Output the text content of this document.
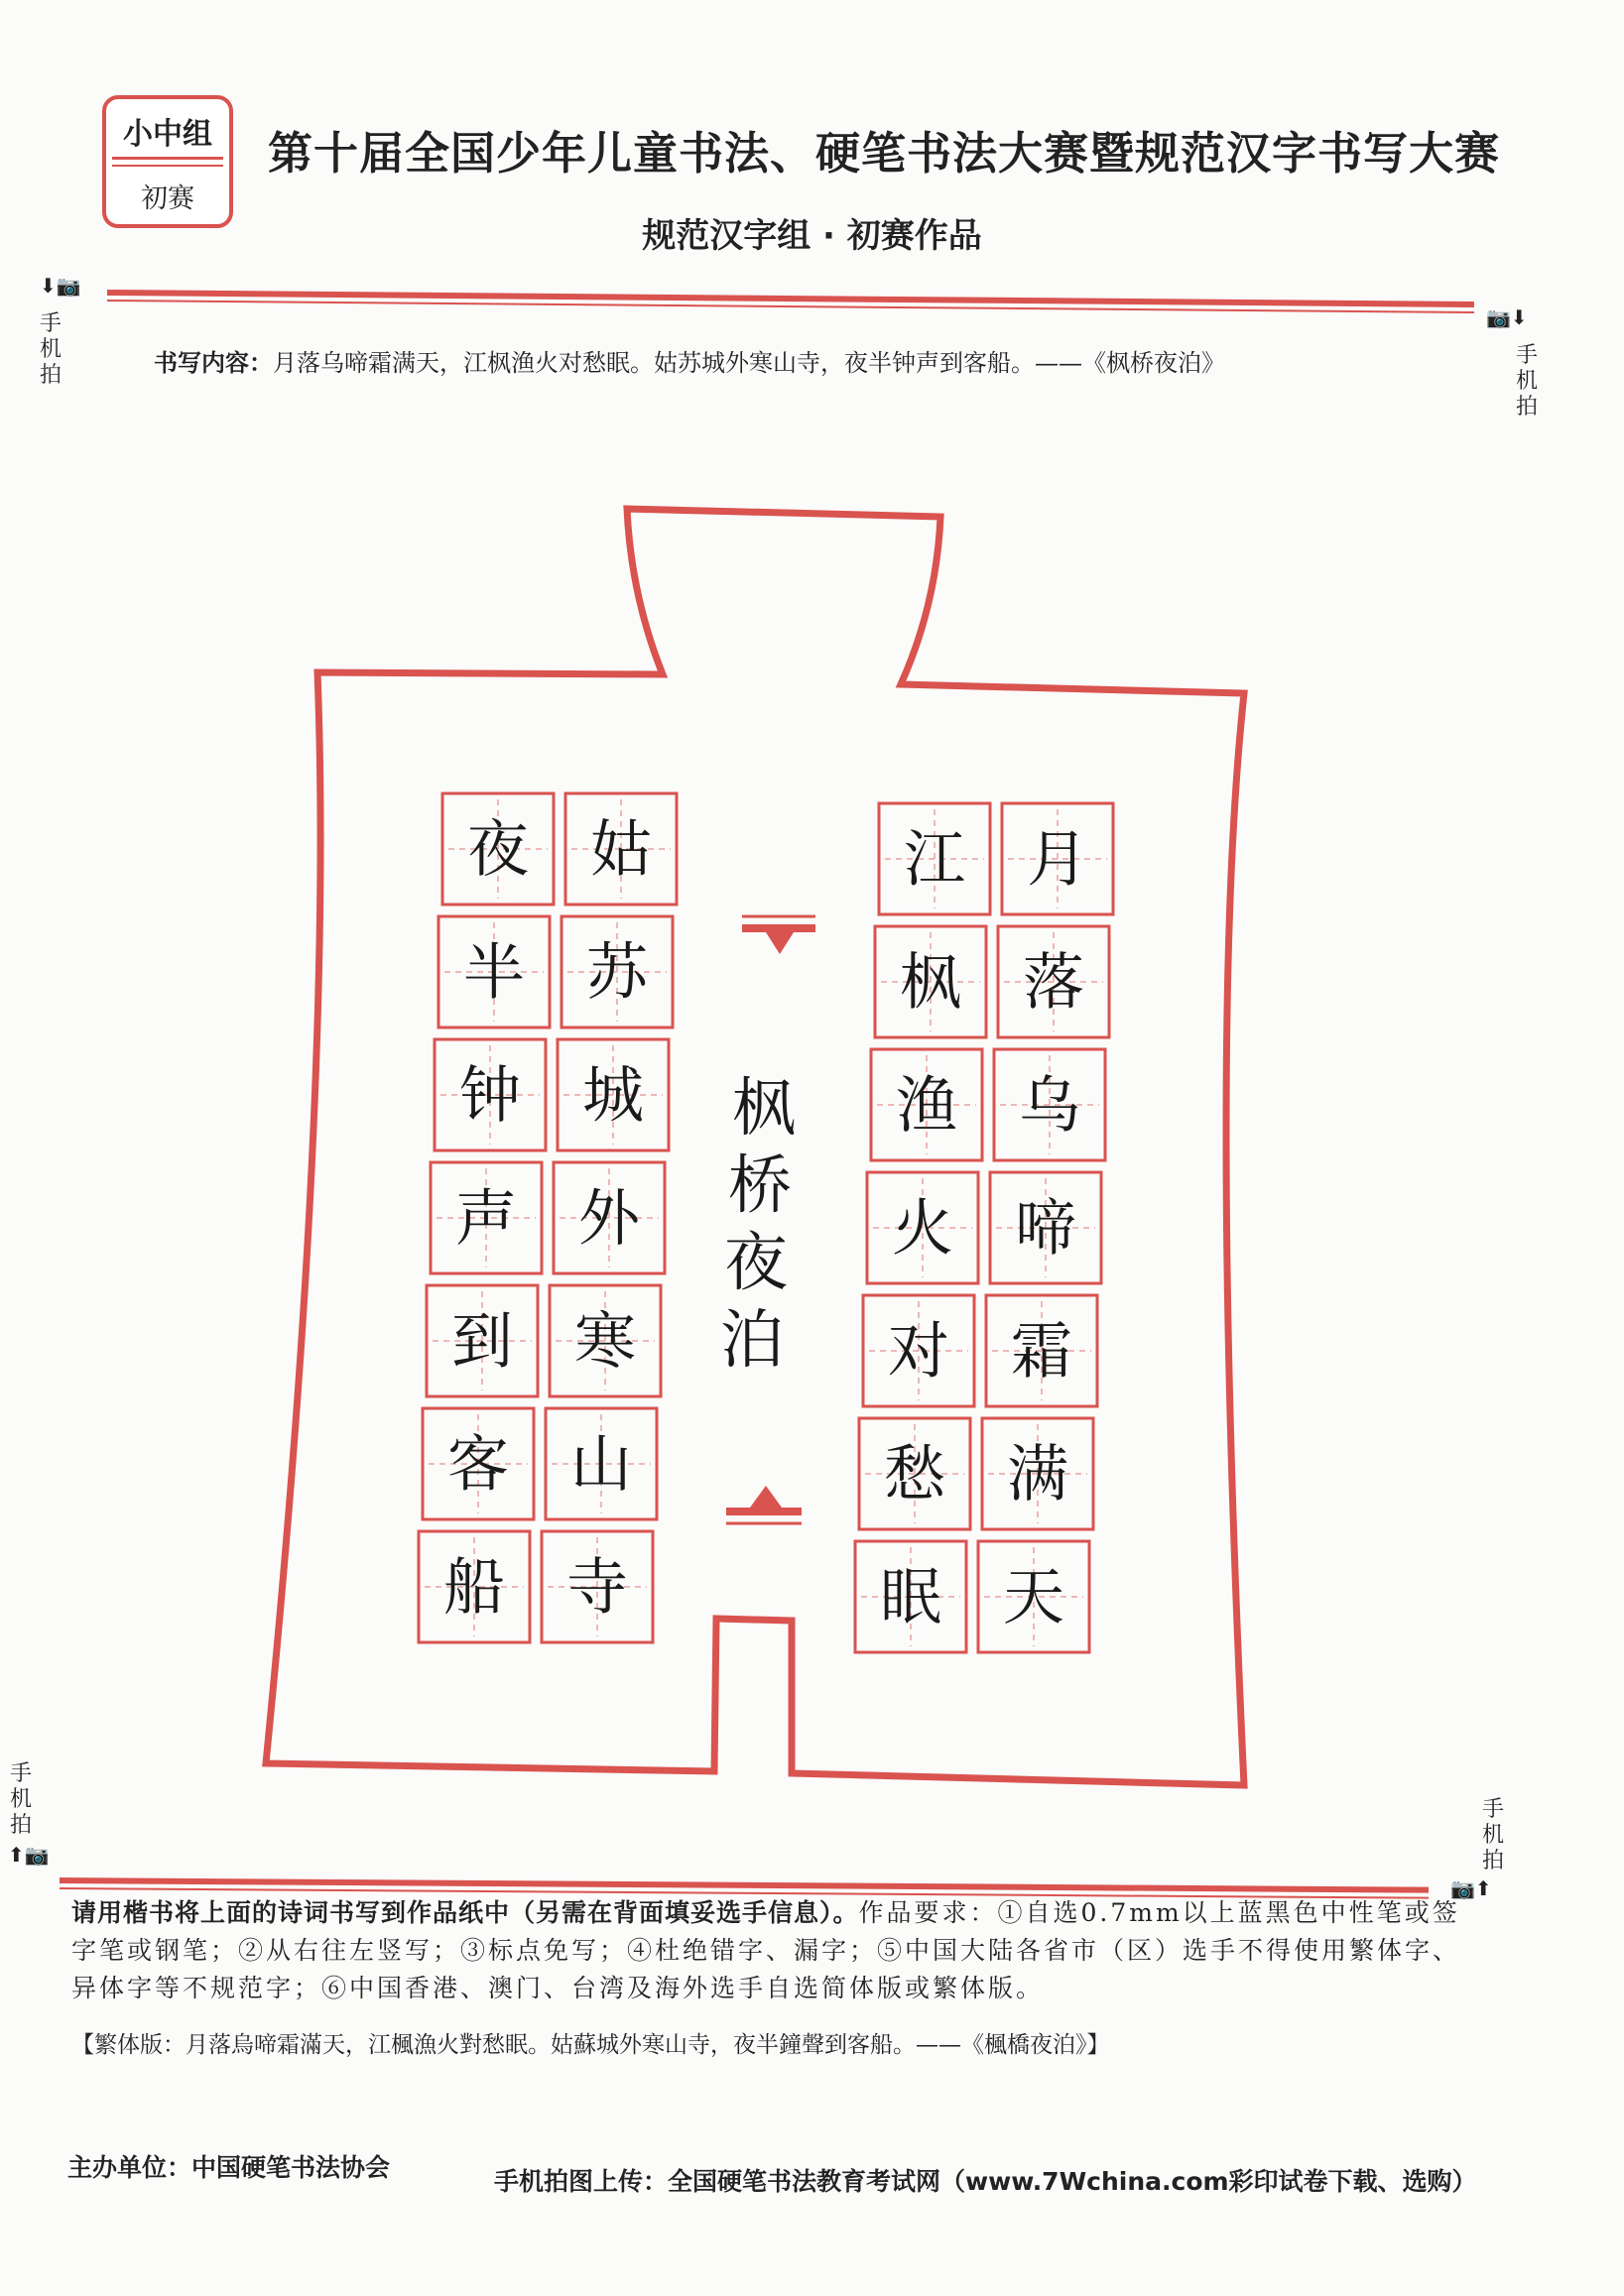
小中组
初赛
第十届全国少年儿童书法、硬笔书法大赛暨规范汉字书写大赛
规范汉字组 · 初赛作品
⬇📷
手机拍
📷⬇
手机拍
书写内容：月落乌啼霜满天，江枫渔火对愁眠。姑苏城外寒山寺，夜半钟声到客船。——《枫桥夜泊》
月
落
乌
啼
霜
满
天
江
枫
渔
火
对
愁
眠
姑
苏
城
外
寒
山
寺
夜
半
钟
声
到
客
船
枫
桥
夜
泊
手机拍
⬆📷
手机拍
📷⬆
请用楷书将上面的诗词书写到作品纸中（另需在背面填妥选手信息）。作品要求：①自选0.7mm以上蓝黑色中性笔或签字笔或钢笔；②从右往左竖写；③标点免写；④杜绝错字、漏字；⑤中国大陆各省市（区）选手不得使用繁体字、异体字等不规范字；⑥中国香港、澳门、台湾及海外选手自选简体版或繁体版。
【繁体版：月落烏啼霜滿天，江楓漁火對愁眠。姑蘇城外寒山寺，夜半鐘聲到客船。——《楓橋夜泊》】
主办单位：中国硬笔书法协会	手机拍图上传：全国硬笔书法教育考试网（www.7Wchina.com彩印试卷下载、选购）
